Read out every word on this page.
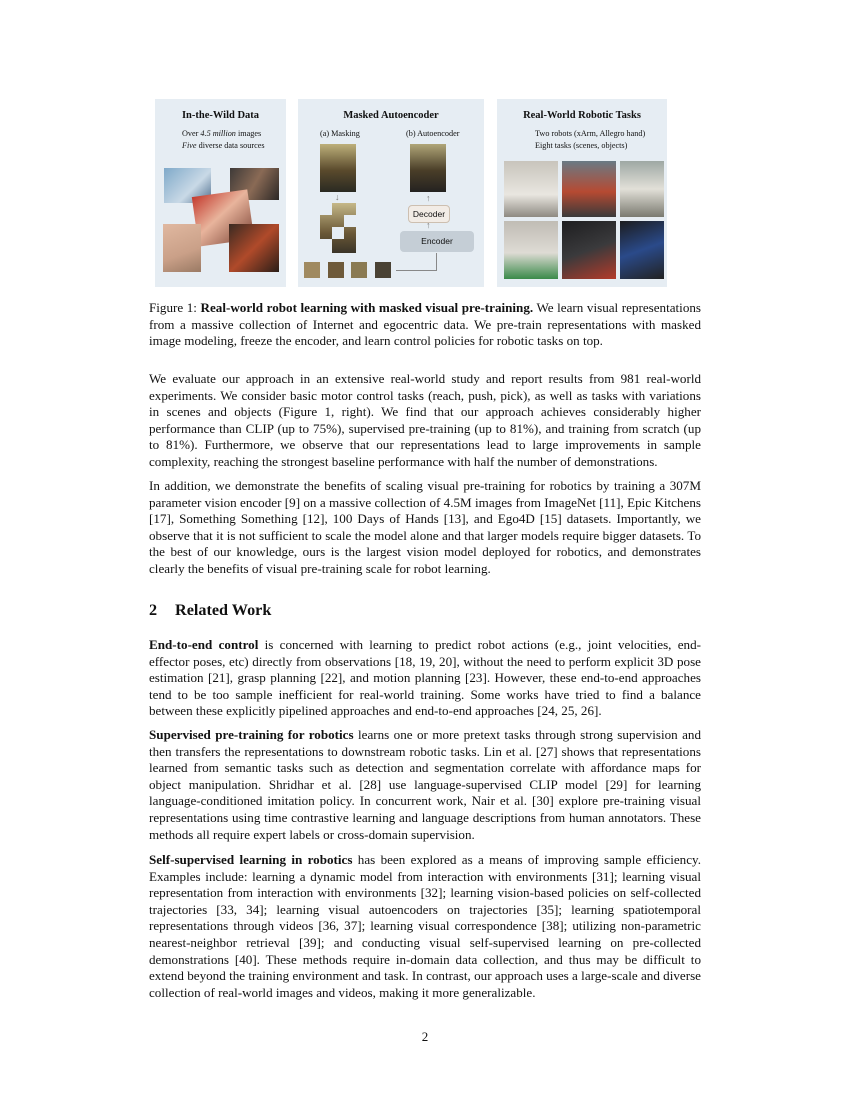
In-the-Wild Data
Over 4.5 million images
Five diverse data sources
Masked Autoencoder
(a) Masking	(b) Autoencoder
↓	↑
Decoder
↑
Encoder
Real-World Robotic Tasks
Two robots (xArm, Allegro hand)
Eight tasks (scenes, objects)
Figure 1: Real-world robot learning with masked visual pre-training. We learn visual representations from a massive collection of Internet and egocentric data. We pre-train representations with masked image modeling, freeze the encoder, and learn control policies for robotic tasks on top.
We evaluate our approach in an extensive real-world study and report results from 981 real-world experiments. We consider basic motor control tasks (reach, push, pick), as well as tasks with variations in scenes and objects (Figure 1, right). We find that our approach achieves considerably higher performance than CLIP (up to 75%), supervised pre-training (up to 81%), and training from scratch (up to 81%). Furthermore, we observe that our representations lead to large improvements in sample complexity, reaching the strongest baseline performance with half the number of demonstrations.
In addition, we demonstrate the benefits of scaling visual pre-training for robotics by training a 307M parameter vision encoder [9] on a massive collection of 4.5M images from ImageNet [11], Epic Kitchens [17], Something Something [12], 100 Days of Hands [13], and Ego4D [15] datasets. Importantly, we observe that it is not sufficient to scale the model alone and that larger models require bigger datasets. To the best of our knowledge, ours is the largest vision model deployed for robotics, and demonstrates clearly the benefits of visual pre-training scale for robot learning.
2 Related Work
End-to-end control is concerned with learning to predict robot actions (e.g., joint velocities, end-effector poses, etc) directly from observations [18, 19, 20], without the need to perform explicit 3D pose estimation [21], grasp planning [22], and motion planning [23]. However, these end-to-end approaches tend to be too sample inefficient for real-world training. Some works have tried to find a balance between these explicitly pipelined approaches and end-to-end approaches [24, 25, 26].
Supervised pre-training for robotics learns one or more pretext tasks through strong supervision and then transfers the representations to downstream robotic tasks. Lin et al. [27] shows that representations learned from semantic tasks such as detection and segmentation correlate with affordance maps for object manipulation. Shridhar et al. [28] use language-supervised CLIP model [29] for learning language-conditioned imitation policy. In concurrent work, Nair et al. [30] explore pre-training visual representations using time contrastive learning and language descriptions from human annotators. These methods all require expert labels or cross-domain supervision.
Self-supervised learning in robotics has been explored as a means of improving sample efficiency. Examples include: learning a dynamic model from interaction with environments [31]; learning visual representation from interaction with environments [32]; learning vision-based policies on self-collected trajectories [33, 34]; learning visual autoencoders on trajectories [35]; learning spatiotemporal representations through videos [36, 37]; learning visual correspondence [38]; utilizing non-parametric nearest-neighbor retrieval [39]; and conducting visual self-supervised learning on pre-collected demonstrations [40]. These methods require in-domain data collection, and thus may be difficult to extend beyond the training environment and task. In contrast, our approach uses a large-scale and diverse collection of real-world images and videos, making it more generalizable.
2
